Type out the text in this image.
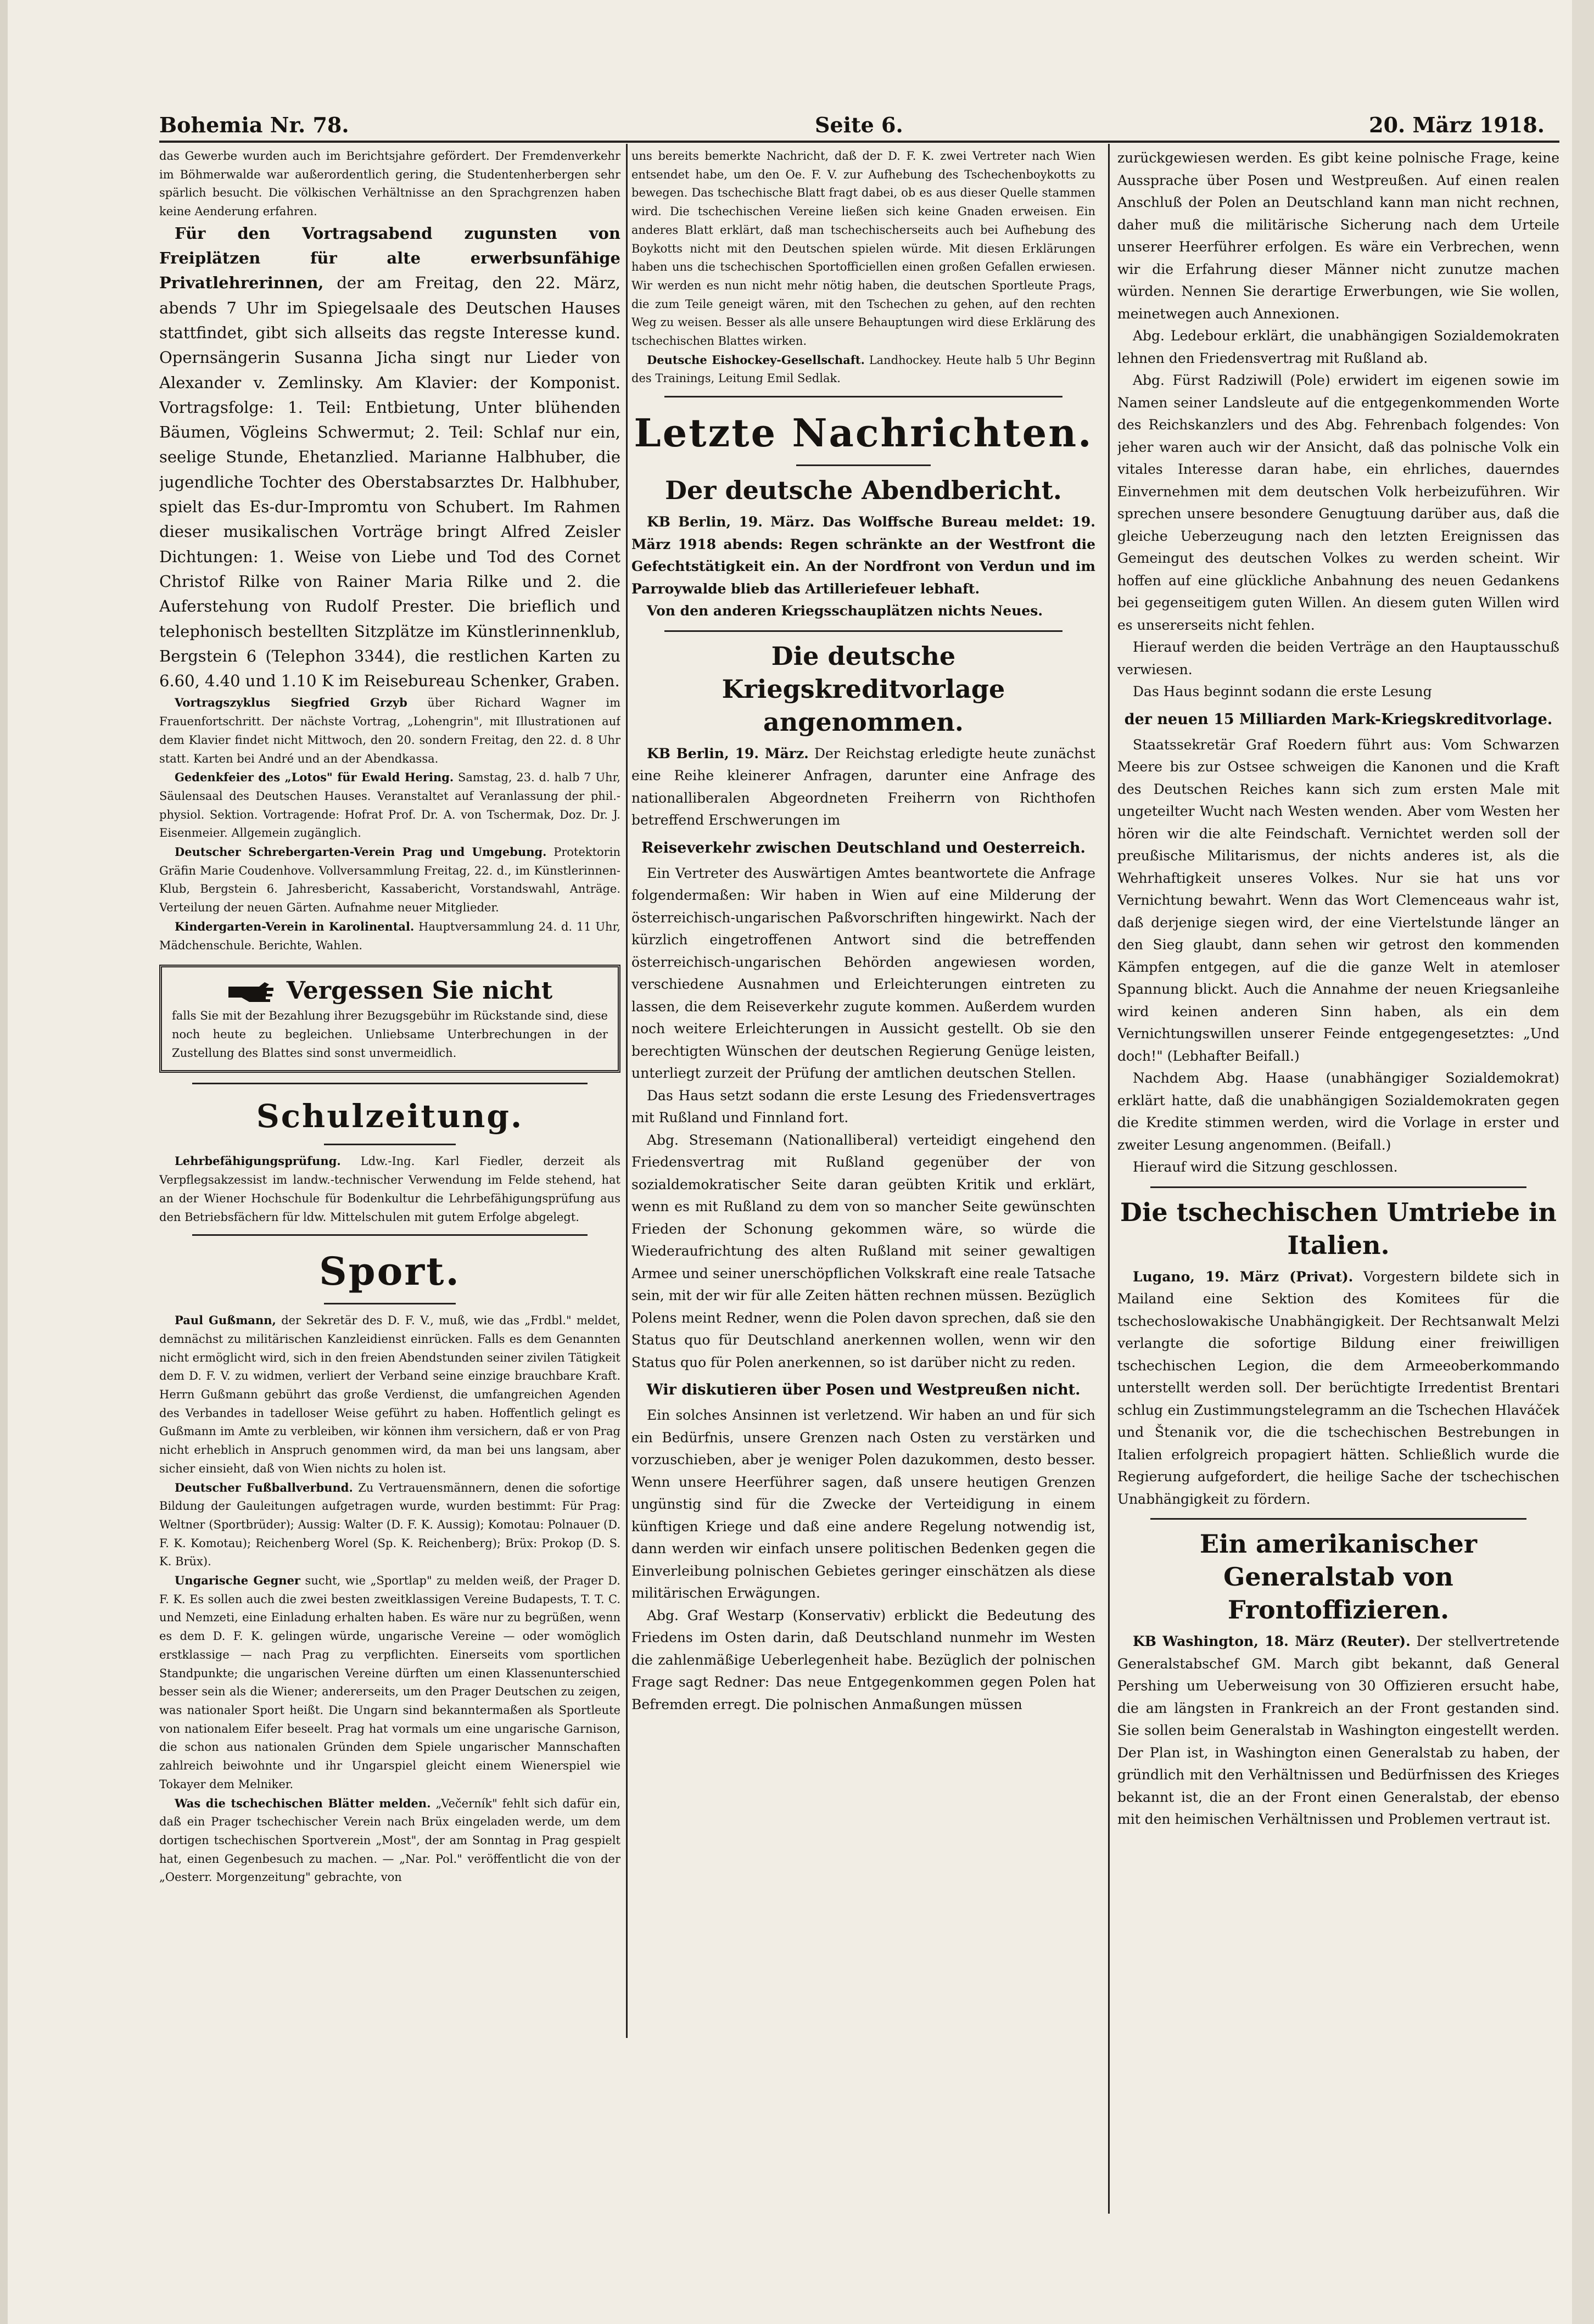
Bohemia Nr. 78.	Seite 6.	20. März 1918.

das Gewerbe wurden auch im Berichtsjahre gefördert. Der Fremdenverkehr im Böhmerwalde war außerordentlich gering, die Studentenherbergen sehr spärlich besucht. Die völkischen Verhältnisse an den Sprachgrenzen haben keine Aenderung erfahren.

Für den Vortragsabend zugunsten von Freiplätzen für alte erwerbsunfähige Privatlehrerinnen, der am Freitag, den 22. März, abends 7 Uhr im Spiegelsaale des Deutschen Hauses stattfindet, gibt sich allseits das regste Interesse kund. Opernsängerin Susanna Jicha singt nur Lieder von Alexander v. Zemlinsky. Am Klavier: der Komponist. Vortragsfolge: 1. Teil: Entbietung, Unter blühenden Bäumen, Vögleins Schwermut; 2. Teil: Schlaf nur ein, seelige Stunde, Ehetanzlied. Marianne Halbhuber, die jugendliche Tochter des Oberstabsarztes Dr. Halbhuber, spielt das Es-dur-Impromtu von Schubert. Im Rahmen dieser musikalischen Vorträge bringt Alfred Zeisler Dichtungen: 1. Weise von Liebe und Tod des Cornet Christof Rilke von Rainer Maria Rilke und 2. die Auferstehung von Rudolf Prester. Die brieflich und telephonisch bestellten Sitzplätze im Künstlerinnenklub, Bergstein 6 (Telephon 3344), die restlichen Karten zu 6.60, 4.40 und 1.10 K im Reisebureau Schenker, Graben.

Vortragszyklus Siegfried Grzyb über Richard Wagner im Frauenfortschritt. Der nächste Vortrag, „Lohengrin", mit Illustrationen auf dem Klavier findet nicht Mittwoch, den 20. sondern Freitag, den 22. d. 8 Uhr statt. Karten bei André und an der Abendkassa.

Gedenkfeier des „Lotos" für Ewald Hering. Samstag, 23. d. halb 7 Uhr, Säulensaal des Deutschen Hauses. Veranstaltet auf Veranlassung der phil.-physiol. Sektion. Vortragende: Hofrat Prof. Dr. A. von Tschermak, Doz. Dr. J. Eisenmeier. Allgemein zugänglich.

Deutscher Schrebergarten-Verein Prag und Umgebung. Protektorin Gräfin Marie Coudenhove. Vollversammlung Freitag, 22. d., im Künstlerinnen-Klub, Bergstein 6. Jahresbericht, Kassabericht, Vorstandswahl, Anträge. Verteilung der neuen Gärten. Aufnahme neuer Mitglieder.

Kindergarten-Verein in Karolinental. Hauptversammlung 24. d. 11 Uhr, Mädchenschule. Berichte, Wahlen.

Vergessen Sie nicht

falls Sie mit der Bezahlung ihrer Bezugsgebühr im Rückstande sind, diese noch heute zu begleichen. Unliebsame Unterbrechungen in der Zustellung des Blattes sind sonst unvermeidlich.

Schulzeitung.

Lehrbefähigungsprüfung. Ldw.-Ing. Karl Fiedler, derzeit als Verpflegsakzessist im landw.-technischer Verwendung im Felde stehend, hat an der Wiener Hochschule für Bodenkultur die Lehrbefähigungsprüfung aus den Betriebsfächern für ldw. Mittelschulen mit gutem Erfolge abgelegt.

Sport.

Paul Gußmann, der Sekretär des D. F. V., muß, wie das „Frdbl." meldet, demnächst zu militärischen Kanzleidienst einrücken. Falls es dem Genannten nicht ermöglicht wird, sich in den freien Abendstunden seiner zivilen Tätigkeit dem D. F. V. zu widmen, verliert der Verband seine einzige brauchbare Kraft. Herrn Gußmann gebührt das große Verdienst, die umfangreichen Agenden des Verbandes in tadelloser Weise geführt zu haben. Hoffentlich gelingt es Gußmann im Amte zu verbleiben, wir können ihm versichern, daß er von Prag nicht erheblich in Anspruch genommen wird, da man bei uns langsam, aber sicher einsieht, daß von Wien nichts zu holen ist.

Deutscher Fußballverbund. Zu Vertrauensmännern, denen die sofortige Bildung der Gauleitungen aufgetragen wurde, wurden bestimmt: Für Prag: Weltner (Sportbrüder); Aussig: Walter (D. F. K. Aussig); Komotau: Polnauer (D. F. K. Komotau); Reichenberg Worel (Sp. K. Reichenberg); Brüx: Prokop (D. S. K. Brüx).

Ungarische Gegner sucht, wie „Sportlap" zu melden weiß, der Prager D. F. K. Es sollen auch die zwei besten zweitklassigen Vereine Budapests, T. T. C. und Nemzeti, eine Einladung erhalten haben. Es wäre nur zu begrüßen, wenn es dem D. F. K. gelingen würde, ungarische Vereine — oder womöglich erstklassige — nach Prag zu verpflichten. Einerseits vom sportlichen Standpunkte; die ungarischen Vereine dürften um einen Klassenunterschied besser sein als die Wiener; andererseits, um den Prager Deutschen zu zeigen, was nationaler Sport heißt. Die Ungarn sind bekanntermaßen als Sportleute von nationalem Eifer beseelt. Prag hat vormals um eine ungarische Garnison, die schon aus nationalen Gründen dem Spiele ungarischer Mannschaften zahlreich beiwohnte und ihr Ungarspiel gleicht einem Wienerspiel wie Tokayer dem Melniker.

Was die tschechischen Blätter melden. „Večerník" fehlt sich dafür ein, daß ein Prager tschechischer Verein nach Brüx eingeladen werde, um dem dortigen tschechischen Sportverein „Most", der am Sonntag in Prag gespielt hat, einen Gegenbesuch zu machen. — „Nar. Pol." veröffentlicht die von der „Oesterr. Morgenzeitung" gebrachte, von

uns bereits bemerkte Nachricht, daß der D. F. K. zwei Vertreter nach Wien entsendet habe, um den Oe. F. V. zur Aufhebung des Tschechenboykotts zu bewegen. Das tschechische Blatt fragt dabei, ob es aus dieser Quelle stammen wird. Die tschechischen Vereine ließen sich keine Gnaden erweisen. Ein anderes Blatt erklärt, daß man tschechischerseits auch bei Aufhebung des Boykotts nicht mit den Deutschen spielen würde. Mit diesen Erklärungen haben uns die tschechischen Sportofficiellen einen großen Gefallen erwiesen. Wir werden es nun nicht mehr nötig haben, die deutschen Sportleute Prags, die zum Teile geneigt wären, mit den Tschechen zu gehen, auf den rechten Weg zu weisen. Besser als alle unsere Behauptungen wird diese Erklärung des tschechischen Blattes wirken.

Deutsche Eishockey-Gesellschaft. Landhockey. Heute halb 5 Uhr Beginn des Trainings, Leitung Emil Sedlak.

Letzte Nachrichten.
Der deutsche Abendbericht.

KB Berlin, 19. März. Das Wolffsche Bureau meldet: 19. März 1918 abends: Regen schränkte an der Westfront die Gefechtstätigkeit ein. An der Nordfront von Verdun und im Parroywalde blieb das Artilleriefeuer lebhaft.

Von den anderen Kriegsschauplätzen nichts Neues.

Die deutsche Kriegskreditvorlage angenommen.

KB Berlin, 19. März. Der Reichstag erledigte heute zunächst eine Reihe kleinerer Anfragen, darunter eine Anfrage des nationalliberalen Abgeordneten Freiherrn von Richthofen betreffend Erschwerungen im

Reiseverkehr zwischen Deutschland und Oesterreich.

Ein Vertreter des Auswärtigen Amtes beantwortete die Anfrage folgendermaßen: Wir haben in Wien auf eine Milderung der österreichisch-ungarischen Paßvorschriften hingewirkt. Nach der kürzlich eingetroffenen Antwort sind die betreffenden österreichisch-ungarischen Behörden angewiesen worden, verschiedene Ausnahmen und Erleichterungen eintreten zu lassen, die dem Reiseverkehr zugute kommen. Außerdem wurden noch weitere Erleichterungen in Aussicht gestellt. Ob sie den berechtigten Wünschen der deutschen Regierung Genüge leisten, unterliegt zurzeit der Prüfung der amtlichen deutschen Stellen.

Das Haus setzt sodann die erste Lesung des Friedensvertrages mit Rußland und Finnland fort.

Abg. Stresemann (Nationalliberal) verteidigt eingehend den Friedensvertrag mit Rußland gegenüber der von sozialdemokratischer Seite daran geübten Kritik und erklärt, wenn es mit Rußland zu dem von so mancher Seite gewünschten Frieden der Schonung gekommen wäre, so würde die Wiederaufrichtung des alten Rußland mit seiner gewaltigen Armee und seiner unerschöpflichen Volkskraft eine reale Tatsache sein, mit der wir für alle Zeiten hätten rechnen müssen. Bezüglich Polens meint Redner, wenn die Polen davon sprechen, daß sie den Status quo für Deutschland anerkennen wollen, wenn wir den Status quo für Polen anerkennen, so ist darüber nicht zu reden.

Wir diskutieren über Posen und Westpreußen nicht.

Ein solches Ansinnen ist verletzend. Wir haben an und für sich ein Bedürfnis, unsere Grenzen nach Osten zu verstärken und vorzuschieben, aber je weniger Polen dazukommen, desto besser. Wenn unsere Heerführer sagen, daß unsere heutigen Grenzen ungünstig sind für die Zwecke der Verteidigung in einem künftigen Kriege und daß eine andere Regelung notwendig ist, dann werden wir einfach unsere politischen Bedenken gegen die Einverleibung polnischen Gebietes geringer einschätzen als diese militärischen Erwägungen.

Abg. Graf Westarp (Konservativ) erblickt die Bedeutung des Friedens im Osten darin, daß Deutschland nunmehr im Westen die zahlenmäßige Ueberlegenheit habe. Bezüglich der polnischen Frage sagt Redner: Das neue Entgegenkommen gegen Polen hat Befremden erregt. Die polnischen Anmaßungen müssen

zurückgewiesen werden. Es gibt keine polnische Frage, keine Aussprache über Posen und Westpreußen. Auf einen realen Anschluß der Polen an Deutschland kann man nicht rechnen, daher muß die militärische Sicherung nach dem Urteile unserer Heerführer erfolgen. Es wäre ein Verbrechen, wenn wir die Erfahrung dieser Männer nicht zunutze machen würden. Nennen Sie derartige Erwerbungen, wie Sie wollen, meinetwegen auch Annexionen.

Abg. Ledebour erklärt, die unabhängigen Sozialdemokraten lehnen den Friedensvertrag mit Rußland ab.

Abg. Fürst Radziwill (Pole) erwidert im eigenen sowie im Namen seiner Landsleute auf die entgegenkommenden Worte des Reichskanzlers und des Abg. Fehrenbach folgendes: Von jeher waren auch wir der Ansicht, daß das polnische Volk ein vitales Interesse daran habe, ein ehrliches, dauerndes Einvernehmen mit dem deutschen Volk herbeizuführen. Wir sprechen unsere besondere Genugtuung darüber aus, daß die gleiche Ueberzeugung nach den letzten Ereignissen das Gemeingut des deutschen Volkes zu werden scheint. Wir hoffen auf eine glückliche Anbahnung des neuen Gedankens bei gegenseitigem guten Willen. An diesem guten Willen wird es unsererseits nicht fehlen.

Hierauf werden die beiden Verträge an den Hauptausschuß verwiesen.

Das Haus beginnt sodann die erste Lesung

der neuen 15 Milliarden Mark-Kriegskreditvorlage.

Staatssekretär Graf Roedern führt aus: Vom Schwarzen Meere bis zur Ostsee schweigen die Kanonen und die Kraft des Deutschen Reiches kann sich zum ersten Male mit ungeteilter Wucht nach Westen wenden. Aber vom Westen her hören wir die alte Feindschaft. Vernichtet werden soll der preußische Militarismus, der nichts anderes ist, als die Wehrhaftigkeit unseres Volkes. Nur sie hat uns vor Vernichtung bewahrt. Wenn das Wort Clemenceaus wahr ist, daß derjenige siegen wird, der eine Viertelstunde länger an den Sieg glaubt, dann sehen wir getrost den kommenden Kämpfen entgegen, auf die die ganze Welt in atemloser Spannung blickt. Auch die Annahme der neuen Kriegsanleihe wird keinen anderen Sinn haben, als ein dem Vernichtungswillen unserer Feinde entgegengesetztes: „Und doch!" (Lebhafter Beifall.)

Nachdem Abg. Haase (unabhängiger Sozialdemokrat) erklärt hatte, daß die unabhängigen Sozialdemokraten gegen die Kredite stimmen werden, wird die Vorlage in erster und zweiter Lesung angenommen. (Beifall.)

Hierauf wird die Sitzung geschlossen.

Die tschechischen Umtriebe in Italien.

Lugano, 19. März (Privat). Vorgestern bildete sich in Mailand eine Sektion des Komitees für die tschechoslowakische Unabhängigkeit. Der Rechtsanwalt Melzi verlangte die sofortige Bildung einer freiwilligen tschechischen Legion, die dem Armeeoberkommando unterstellt werden soll. Der berüchtigte Irredentist Brentari schlug ein Zustimmungstelegramm an die Tschechen Hlaváček und Štenanik vor, die die tschechischen Bestrebungen in Italien erfolgreich propagiert hätten. Schließlich wurde die Regierung aufgefordert, die heilige Sache der tschechischen Unabhängigkeit zu fördern.

Ein amerikanischer Generalstab von Frontoffizieren.

KB Washington, 18. März (Reuter). Der stellvertretende Generalstabschef GM. March gibt bekannt, daß General Pershing um Ueberweisung von 30 Offizieren ersucht habe, die am längsten in Frankreich an der Front gestanden sind. Sie sollen beim Generalstab in Washington eingestellt werden. Der Plan ist, in Washington einen Generalstab zu haben, der gründlich mit den Verhältnissen und Bedürfnissen des Krieges bekannt ist, die an der Front einen Generalstab, der ebenso mit den heimischen Verhältnissen und Problemen vertraut ist.
